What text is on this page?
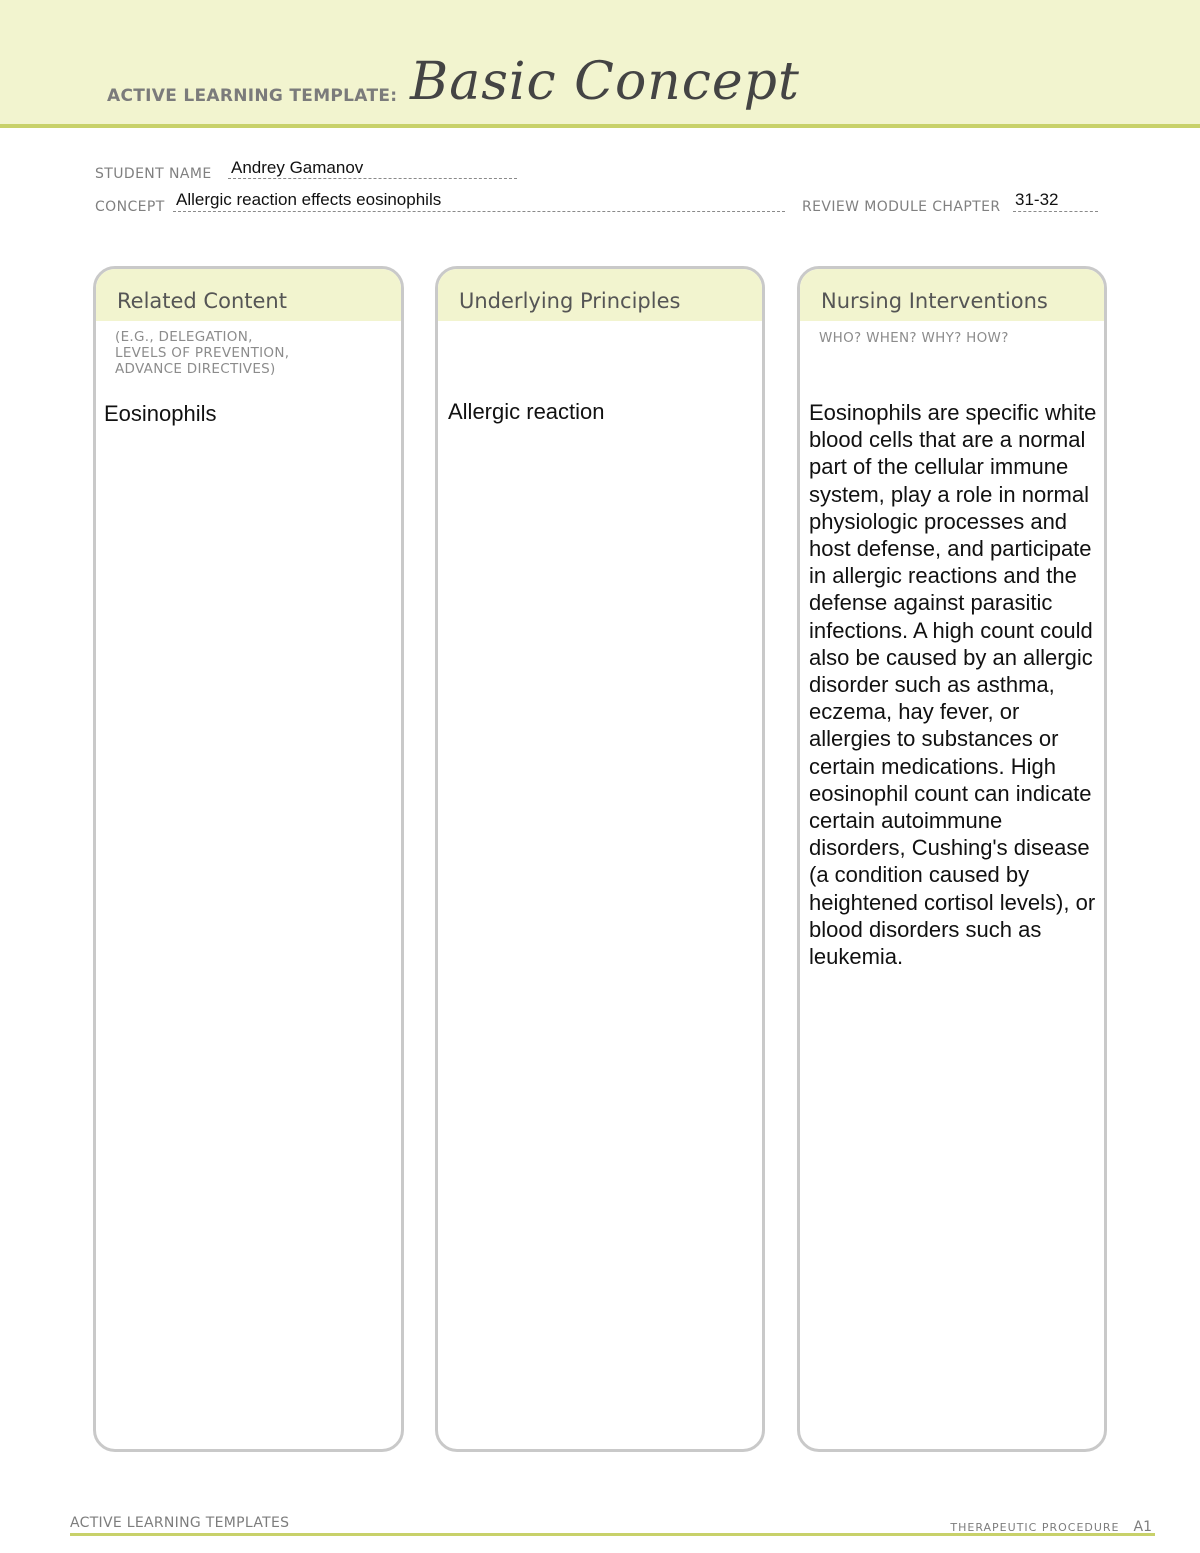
ACTIVE LEARNING TEMPLATE: Basic Concept
STUDENT NAME Andrey Gamanov
CONCEPT Allergic reaction effects eosinophils	REVIEW MODULE CHAPTER 31-32
Related Content
(E.G., DELEGATION,
LEVELS OF PREVENTION,
ADVANCE DIRECTIVES)
Eosinophils
Underlying Principles
Allergic reaction
Nursing Interventions
WHO? WHEN? WHY? HOW?
Eosinophils are specific white blood cells that are a normal part of the cellular immune system, play a role in normal physiologic processes and host defense, and participate in allergic reactions and the defense against parasitic infections. A high count could also be caused by an allergic disorder such as asthma, eczema, hay fever, or allergies to substances or certain medications. High eosinophil count can indicate certain autoimmune disorders, Cushing's disease (a condition caused by heightened cortisol levels), or blood disorders such as leukemia.
ACTIVE LEARNING TEMPLATES	THERAPEUTIC PROCEDURE A1
